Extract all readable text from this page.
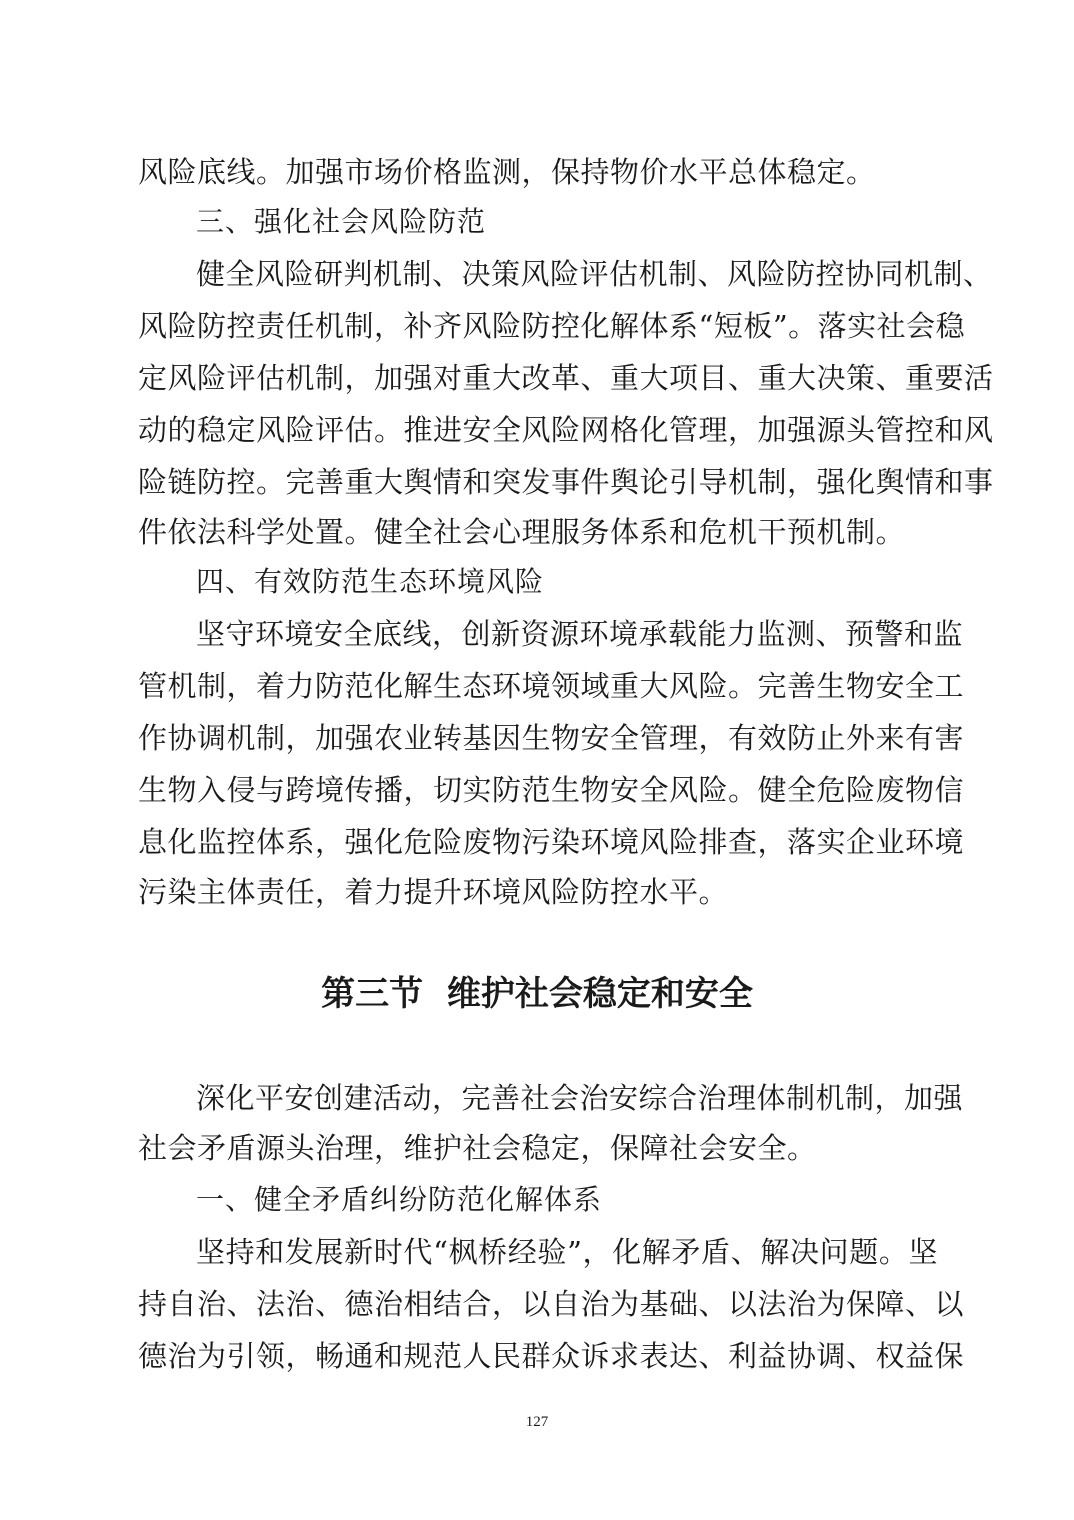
风险底线。加强市场价格监测，保持物价水平总体稳定。
三、强化社会风险防范
健全风险研判机制、决策风险评估机制、风险防控协同机制、
风险防控责任机制，补齐风险防控化解体系“短板”。落实社会稳
定风险评估机制，加强对重大改革、重大项目、重大决策、重要活
动的稳定风险评估。推进安全风险网格化管理，加强源头管控和风
险链防控。完善重大舆情和突发事件舆论引导机制，强化舆情和事
件依法科学处置。健全社会心理服务体系和危机干预机制。
四、有效防范生态环境风险
坚守环境安全底线，创新资源环境承载能力监测、预警和监
管机制，着力防范化解生态环境领域重大风险。完善生物安全工
作协调机制，加强农业转基因生物安全管理，有效防止外来有害
生物入侵与跨境传播，切实防范生物安全风险。健全危险废物信
息化监控体系，强化危险废物污染环境风险排查，落实企业环境
污染主体责任，着力提升环境风险防控水平。
第三节  维护社会稳定和安全
深化平安创建活动，完善社会治安综合治理体制机制，加强
社会矛盾源头治理，维护社会稳定，保障社会安全。
一、健全矛盾纠纷防范化解体系
坚持和发展新时代“枫桥经验”，化解矛盾、解决问题。坚
持自治、法治、德治相结合，以自治为基础、以法治为保障、以
德治为引领，畅通和规范人民群众诉求表达、利益协调、权益保
127
